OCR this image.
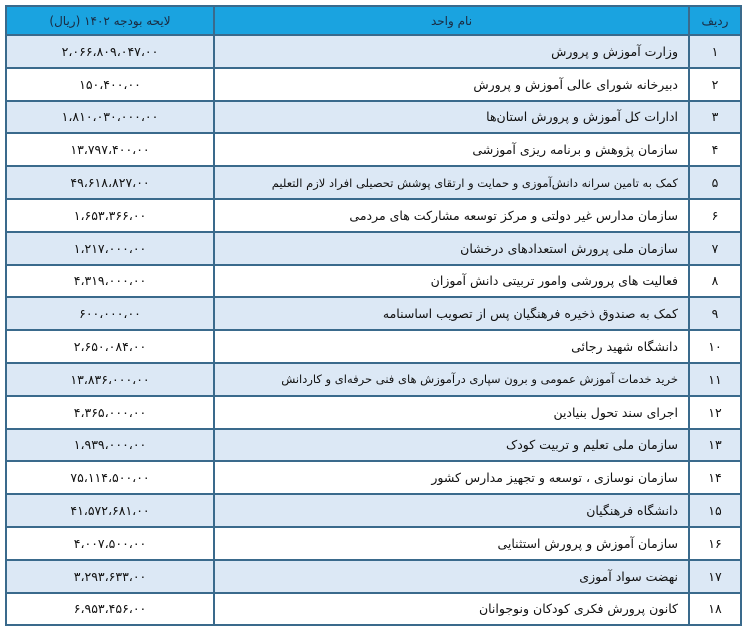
ردیف	نام واحد	لایحه بودجه ۱۴۰۲ (ریال)
۱	وزارت آموزش و پرورش	۲،۰۶۶،۸۰۹،۰۴۷،۰۰
۲	دبیرخانه شورای عالی آموزش و پرورش	۱۵۰،۴۰۰،۰۰
۳	ادارات کل آموزش و پرورش استان‌ها	۱،۸۱۰،۰۳۰،۰۰۰،۰۰
۴	سازمان پژوهش و برنامه ریزی آموزشی	۱۳،۷۹۷،۴۰۰،۰۰
۵	کمک به تامین سرانه دانش‌آموزی و حمایت و ارتقای پوشش تحصیلی افراد لازم التعلیم	۴۹،۶۱۸،۸۲۷،۰۰
۶	سازمان مدارس غیر دولتی و مرکز توسعه مشارکت های مردمی	۱،۶۵۳،۳۶۶،۰۰
۷	سازمان ملی پرورش استعدادهای درخشان	۱،۲۱۷،۰۰۰،۰۰
۸	فعالیت های پرورشی وامور تربیتی دانش آموزان	۴،۳۱۹،۰۰۰،۰۰
۹	کمک به صندوق ذخیره فرهنگیان پس از تصویب اساسنامه	۶۰۰،۰۰۰،۰۰
۱۰	دانشگاه شهید رجائی	۲،۶۵۰،۰۸۴،۰۰
۱۱	خرید خدمات آموزش عمومی و برون سپاری درآموزش های فنی حرفه‌ای و کاردانش	۱۳،۸۳۶،۰۰۰،۰۰
۱۲	اجرای سند تحول بنیادین	۴،۳۶۵،۰۰۰،۰۰
۱۳	سازمان ملی تعلیم و تربیت کودک	۱،۹۳۹،۰۰۰،۰۰
۱۴	سازمان نوسازی ، توسعه و تجهیز مدارس کشور	۷۵،۱۱۴،۵۰۰،۰۰
۱۵	دانشگاه فرهنگیان	۴۱،۵۷۲،۶۸۱،۰۰
۱۶	سازمان آموزش و پرورش استثنایی	۴،۰۰۷،۵۰۰،۰۰
۱۷	نهضت سواد آموزی	۳،۲۹۳،۶۳۳،۰۰
۱۸	کانون پرورش فکری کودکان ونوجوانان	۶،۹۵۳،۴۵۶،۰۰
